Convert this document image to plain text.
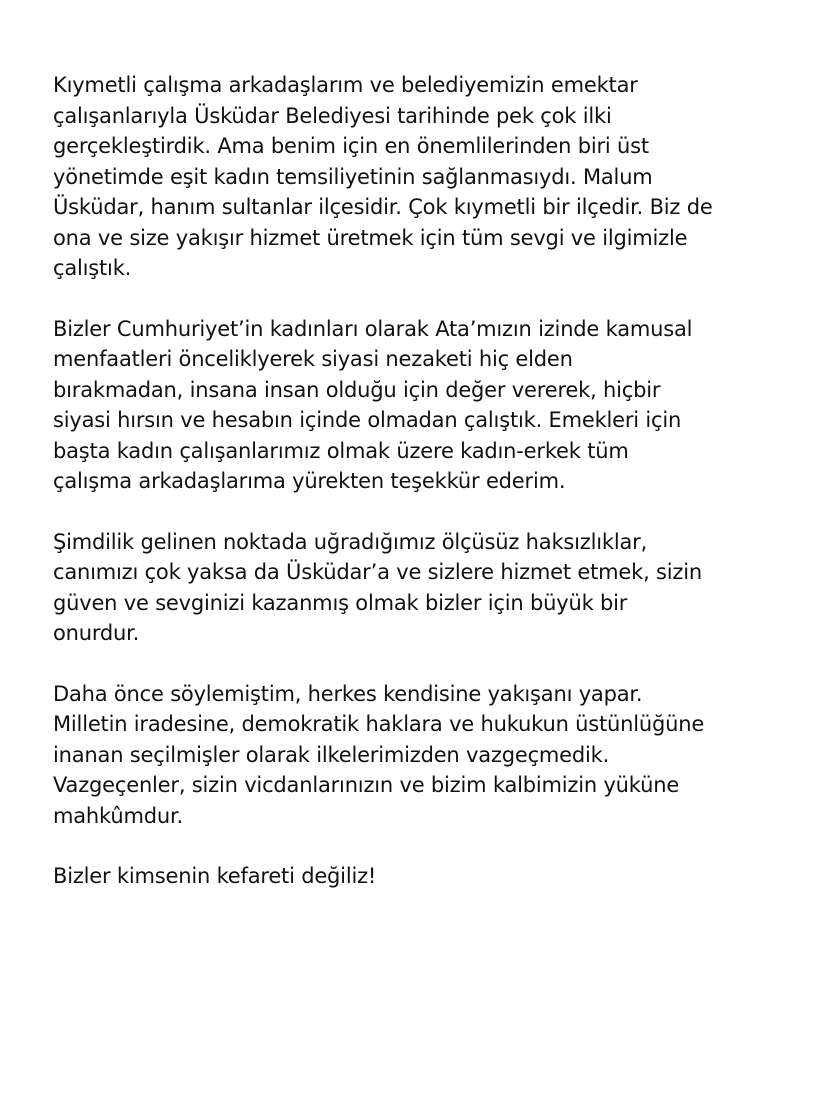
Kıymetli çalışma arkadaşlarım ve belediyemizin emektar
çalışanlarıyla Üsküdar Belediyesi tarihinde pek çok ilki
gerçekleştirdik. Ama benim için en önemlilerinden biri üst
yönetimde eşit kadın temsiliyetinin sağlanmasıydı. Malum
Üsküdar, hanım sultanlar ilçesidir. Çok kıymetli bir ilçedir. Biz de
ona ve size yakışır hizmet üretmek için tüm sevgi ve ilgimizle
çalıştık.

Bizler Cumhuriyet’in kadınları olarak Ata’mızın izinde kamusal
menfaatleri önceliklyerek siyasi nezaketi hiç elden
bırakmadan, insana insan olduğu için değer vererek, hiçbir
siyasi hırsın ve hesabın içinde olmadan çalıştık. Emekleri için
başta kadın çalışanlarımız olmak üzere kadın-erkek tüm
çalışma arkadaşlarıma yürekten teşekkür ederim.

Şimdilik gelinen noktada uğradığımız ölçüsüz haksızlıklar,
canımızı çok yaksa da Üsküdar’a ve sizlere hizmet etmek, sizin
güven ve sevginizi kazanmış olmak bizler için büyük bir
onurdur.

Daha önce söylemiştim, herkes kendisine yakışanı yapar.
Milletin iradesine, demokratik haklara ve hukukun üstünlüğüne
inanan seçilmişler olarak ilkelerimizden vazgeçmedik.
Vazgeçenler, sizin vicdanlarınızın ve bizim kalbimizin yüküne
mahkûmdur.

Bizler kimsenin kefareti değiliz!
